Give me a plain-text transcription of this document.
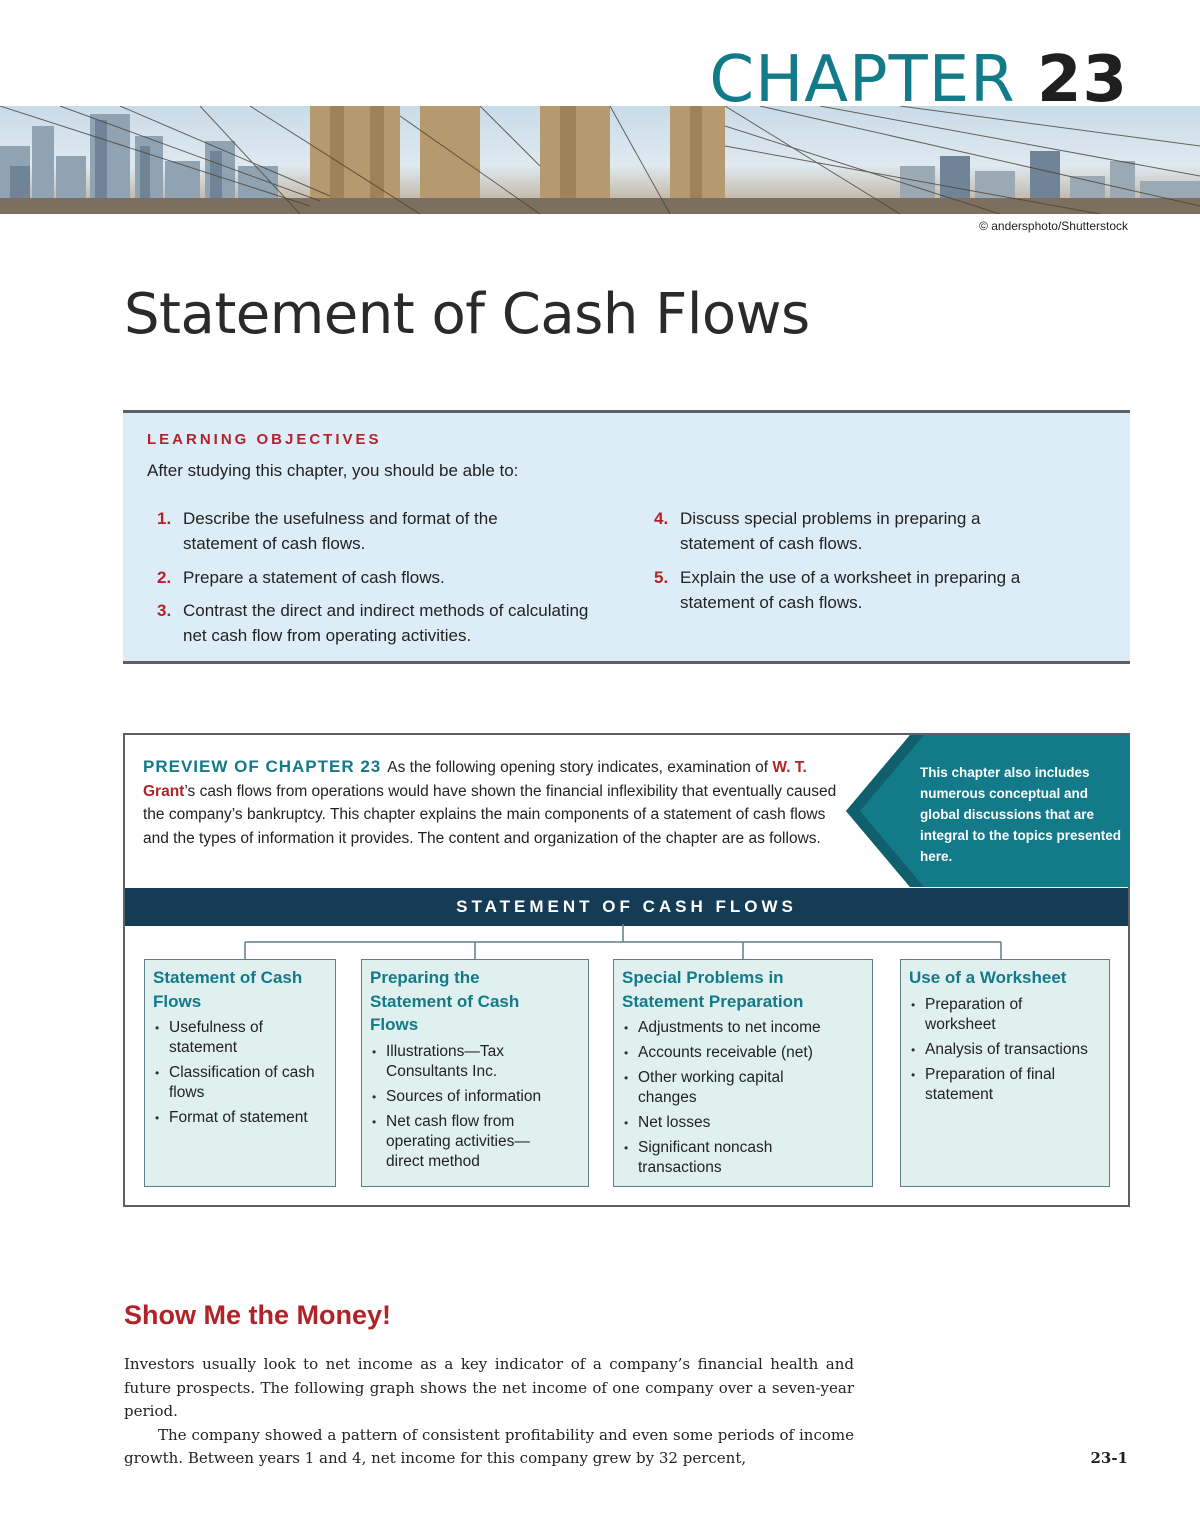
CHAPTER 23
© andersphoto/Shutterstock
Statement of Cash Flows
LEARNING OBJECTIVES
After studying this chapter, you should be able to:
1. Describe the usefulness and format of the statement of cash flows.
2. Prepare a statement of cash flows.
3. Contrast the direct and indirect methods of calculating net cash flow from operating activities.
4. Discuss special problems in preparing a statement of cash flows.
5. Explain the use of a worksheet in preparing a statement of cash flows.
PREVIEW OF CHAPTER 23 As the following opening story indicates, examination of W. T. Grant’s cash flows from operations would have shown the financial inflexibility that eventually caused the company’s bankruptcy. This chapter explains the main components of a statement of cash flows and the types of information it provides. The content and organization of the chapter are as follows.
This chapter also includes numerous conceptual and global discussions that are integral to the topics presented here.
STATEMENT OF CASH FLOWS
Statement of Cash Flows
• Usefulness of statement
• Classification of cash flows
• Format of statement
Preparing the Statement of Cash Flows
• Illustrations—Tax Consultants Inc.
• Sources of information
• Net cash flow from operating activities—direct method
Special Problems in Statement Preparation
• Adjustments to net income
• Accounts receivable (net)
• Other working capital changes
• Net losses
• Significant noncash transactions
Use of a Worksheet
• Preparation of worksheet
• Analysis of transactions
• Preparation of final statement
Show Me the Money!

Investors usually look to net income as a key indicator of a company’s financial health and future prospects. The following graph shows the net income of one company over a seven-year period.

The company showed a pattern of consistent profitability and even some periods of income growth. Between years 1 and 4, net income for this company grew by 32 percent,	23-1
